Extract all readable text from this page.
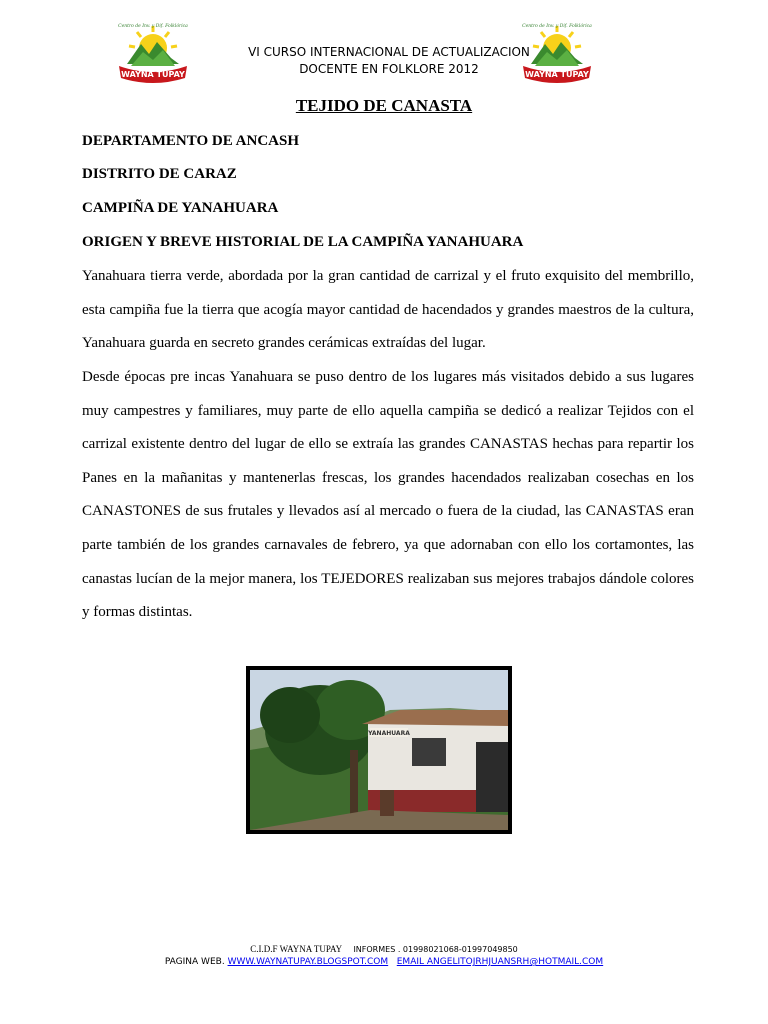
WAYNA TUPAY
Centro de Inv. y Dif. Folklórica
WAYNA TUPAY
Centro de Inv. y Dif. Folklórica
VI CURSO INTERNACIONAL DE ACTUALIZACION
DOCENTE EN FOLKLORE 2012
TEJIDO DE CANASTA
DEPARTAMENTO DE ANCASH
DISTRITO DE CARAZ
CAMPIÑA DE YANAHUARA
ORIGEN Y BREVE HISTORIAL DE LA CAMPIÑA YANAHUARA
Yanahuara tierra verde, abordada por la gran cantidad de carrizal y el fruto exquisito del membrillo, esta campiña fue la tierra que acogía mayor cantidad de hacendados y grandes maestros de la cultura, Yanahuara guarda en secreto grandes cerámicas extraídas del lugar.
Desde épocas pre incas Yanahuara se puso dentro de los lugares más visitados debido a sus lugares muy campestres y familiares, muy parte de ello aquella campiña se dedicó a realizar Tejidos con el carrizal existente dentro del lugar de ello se extraía las grandes CANASTAS hechas para repartir los Panes en la mañanitas y mantenerlas frescas, los grandes hacendados realizaban cosechas en los CANASTONES de sus frutales y llevados así al mercado o fuera de la ciudad, las CANASTAS eran parte también de los grandes carnavales de febrero, ya que adornaban con ello los cortamontes, las canastas lucían de la mejor manera, los TEJEDORES realizaban sus mejores trabajos dándole colores y formas distintas.
YANAHUARA
C.I.D.F WAYNA TUPAY INFORMES . 01998021068-01997049850
PAGINA WEB. WWW.WAYNATUPAY.BLOGSPOT.COM EMAIL ANGELITOJRHJUANSRH@HOTMAIL.COM
